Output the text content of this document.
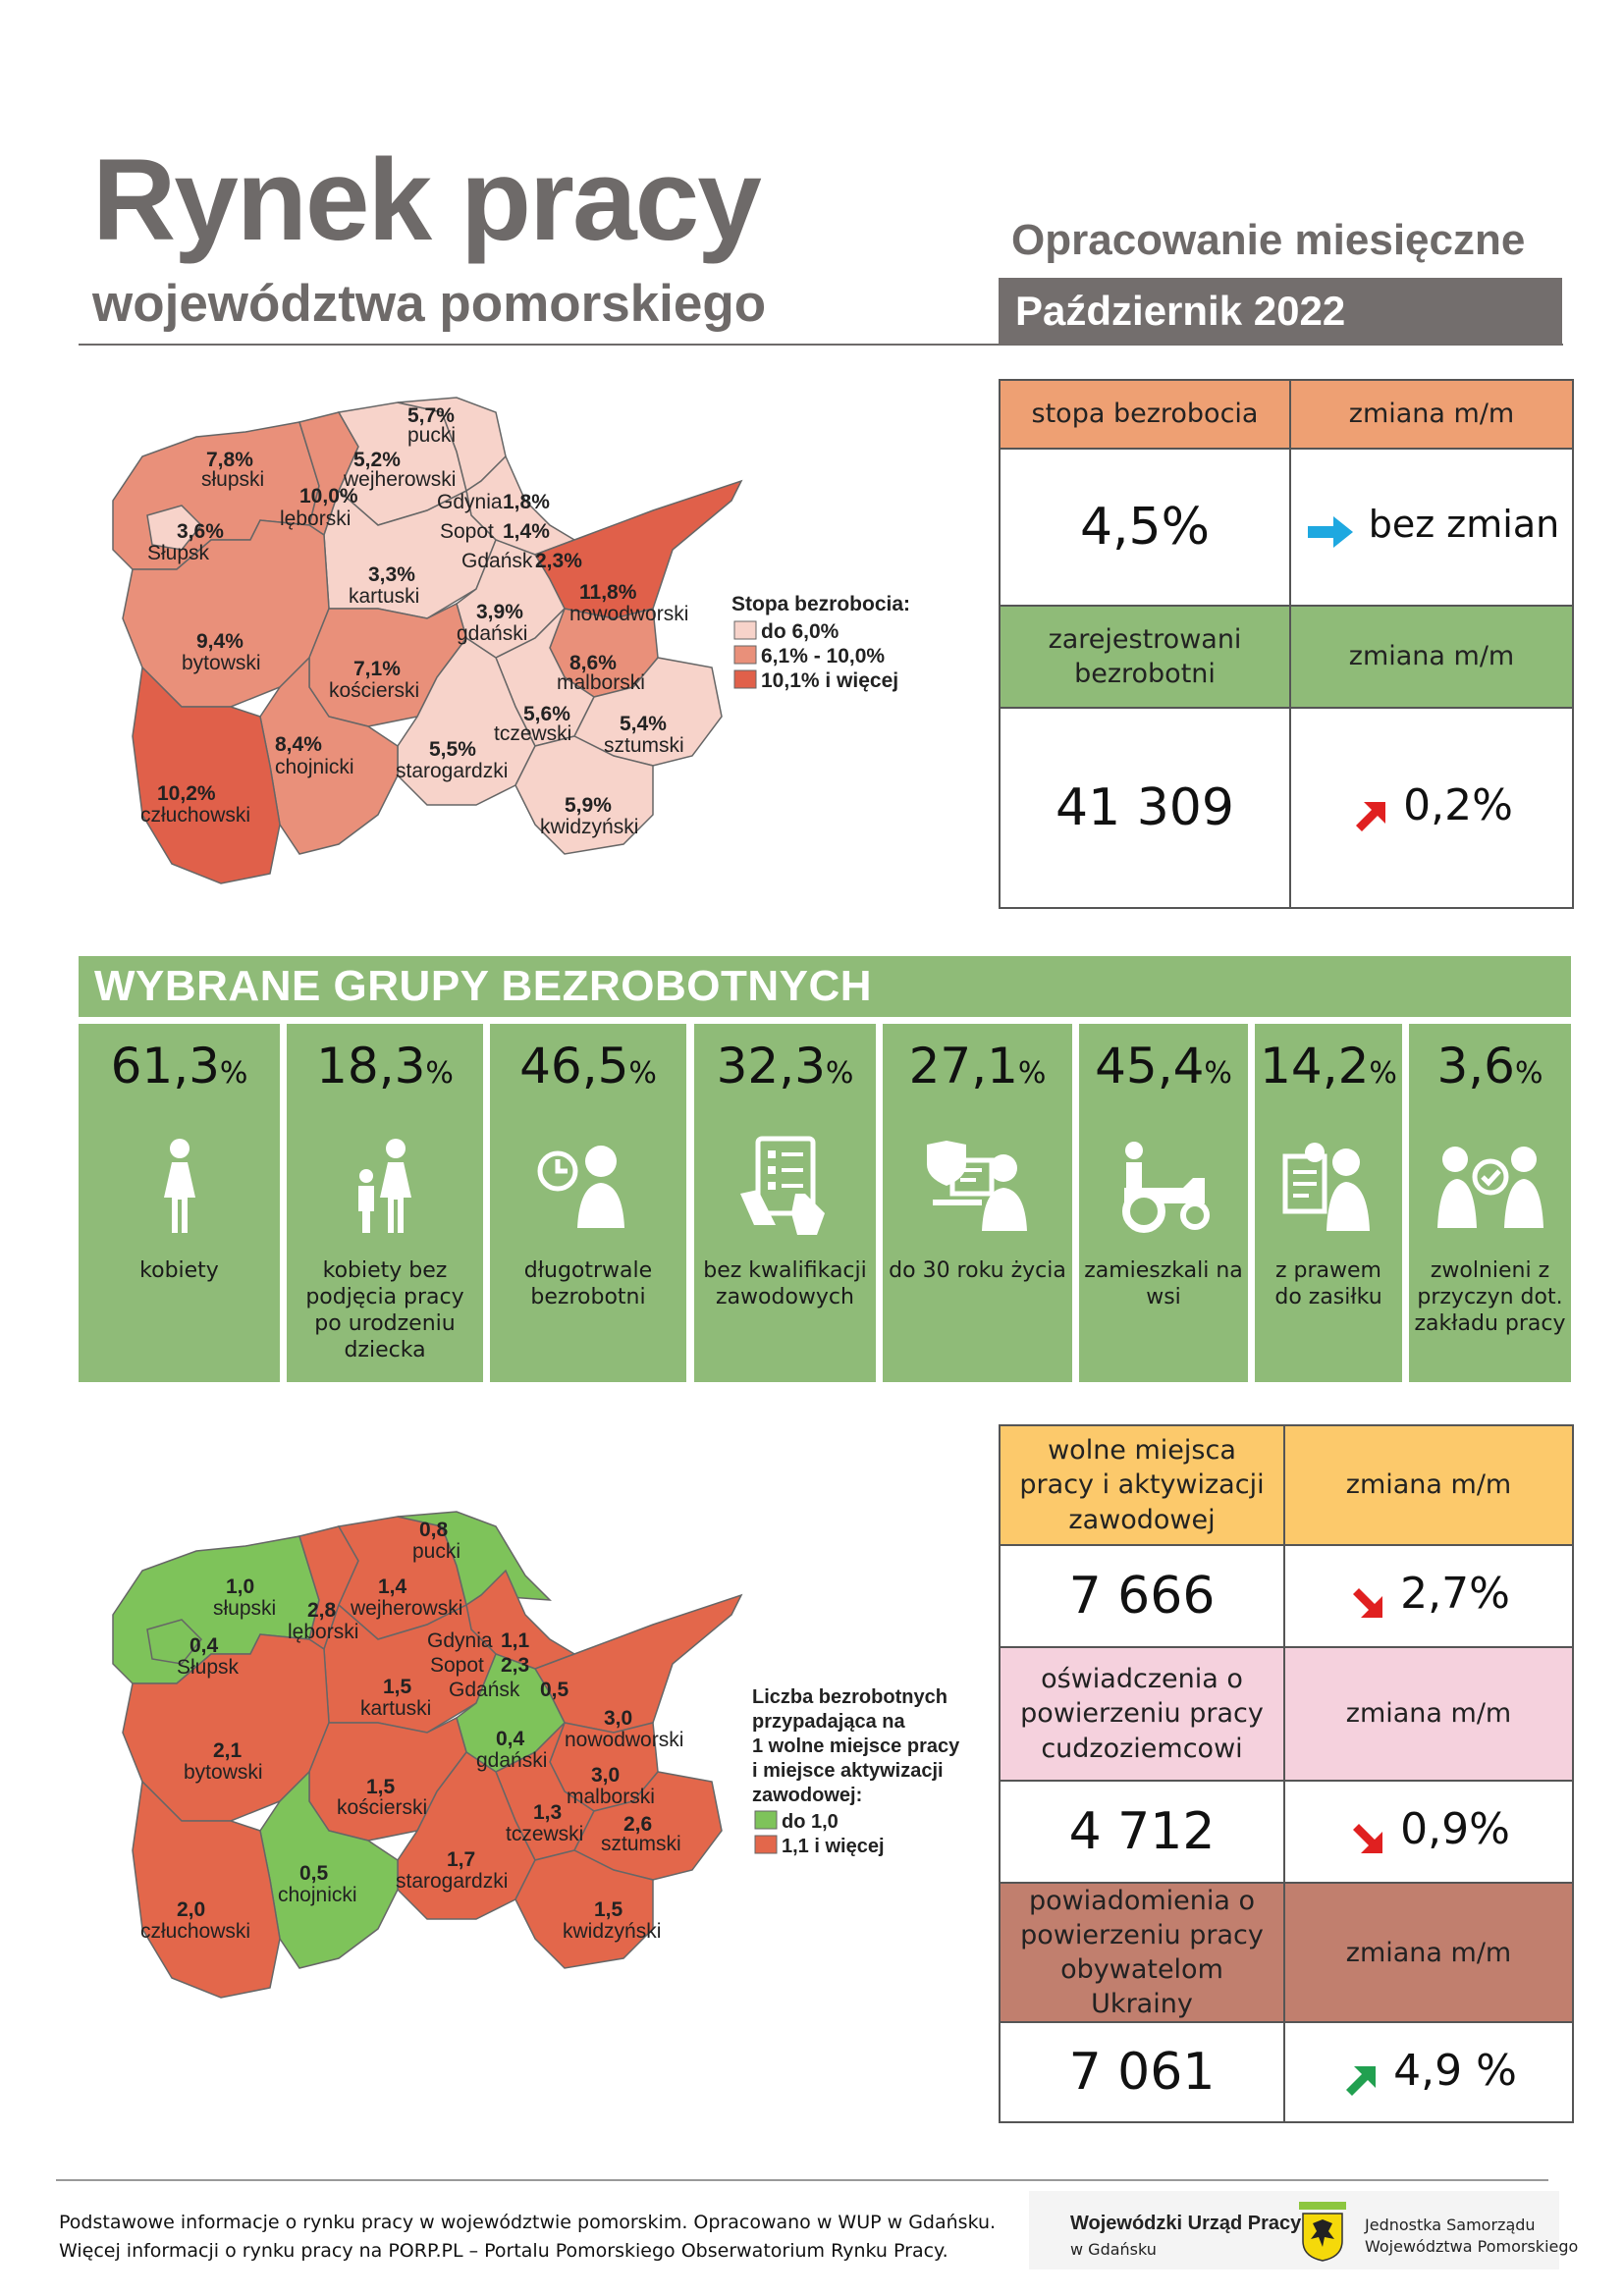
Rynek pracy
województwa pomorskiego
Opracowanie miesięczne
Październik 2022
5,7%
pucki
7,8%
słupski
5,2%
wejherowski
10,0%
lęborski
3,6%
Słupsk
1,8%
1,4%
2,3%
Gdynia
Sopot
Gdańsk
3,3%
kartuski	11,8%
nowodworski
9,4%
bytowski
3,9%
gdański
7,1%
kościerski
8,6%
malborski
5,6%
tczewski 5,4%
sztumski
8,4%
chojnicki
5,5%
starogardzki
10,2%
człuchowski	5,9%
kwidzyński
Stopa bezrobocia:
do 6,0%
6,1% - 10,0%
10,1% i więcej
stopa bezrobocia	zmiana m/m
4,5%	bez zmian
zarejestrowani bezrobotni	zmiana m/m
41 309	0,2%
WYBRANE GRUPY BEZROBOTNYCH
61,3%
kobiety
18,3%
kobiety bez podjęcia pracy po urodzeniu dziecka
46,5%
długotrwale bezrobotni
32,3%
bez kwalifikacji zawodowych
27,1%
do 30 roku życia
45,4%
zamieszkali na wsi
14,2%
z prawem do zasiłku
3,6%
zwolnieni z przyczyn dot. zakładu pracy
0,8
pucki
1,0
słupski 2,8
lęborski
1,4
wejherowski
0,4
Słupsk
1,1
2,3
0,5
Gdynia
Sopot
Gdańsk
1,5
kartuski
0,4
gdański
3,0
nowodworski
2,1
bytowski
1,5
kościerski
3,0
malborski
1,3
tczewski 2,6
sztumski
0,5
chojnicki
1,7
starogardzki
2,0
człuchowski
1,5
kwidzyński
Liczba bezrobotnych
przypadająca na
1 wolne miejsce pracy
i miejsce aktywizacji
zawodowej:
do 1,0
1,1 i więcej
wolne miejsca pracy i aktywizacji zawodowej	zmiana m/m
7 666	2,7%
oświadczenia o powierzeniu pracy cudzoziemcowi	zmiana m/m
4 712	0,9%
powiadomienia o powierzeniu pracy obywatelom Ukrainy	zmiana m/m
7 061	4,9 %
Podstawowe informacje o rynku pracy w województwie pomorskim. Opracowano w WUP w Gdańsku.
Więcej informacji o rynku pracy na PORP.PL – Portalu Pomorskiego Obserwatorium Rynku Pracy.
Wojewódzki Urząd Pracy
w Gdańsku
Jednostka Samorządu
Województwa Pomorskiego
